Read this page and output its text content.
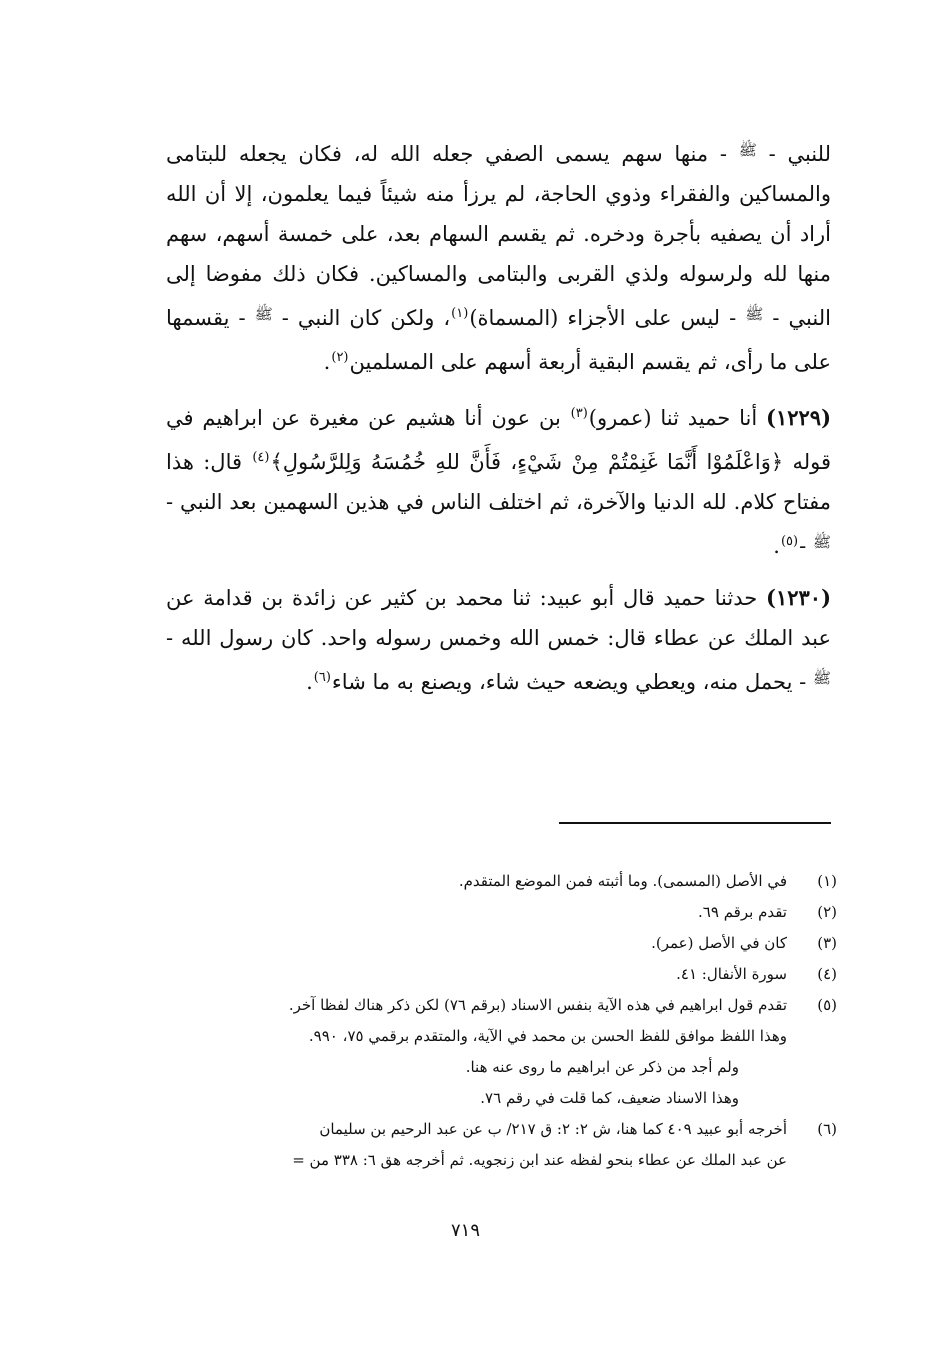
للنبي - $^ﷺ$ - منها سهم يسمى الصفي جعله الله له، فكان يجعله للبتامى والمساكين والفقراء وذوي الحاجة، لم يرزأ منه شيئاً فيما يعلمون، إلا أن الله أراد أن يصفيه بأجرة ودخره. ثم يقسم السهام بعد، على خمسة أسهم، سهم منها لله ولرسوله ولذي القربى والبتامى والمساكين. فكان ذلك مفوضا إلى النبي - $^ﷺ$ - ليس على الأجزاء (المسماة)$^{(١)}$، ولكن كان النبي - $^ﷺ$ - يقسمها على ما رأى، ثم يقسم البقية أربعة أسهم على المسلمين$^{(٢)}$.

(١٢٢٩) أنا حميد ثنا (عمرو)$^{(٣)}$ بن عون أنا هشيم عن مغيرة عن ابراهيم في قوله ﴿وَاعْلَمُوْا أَنَّمَا غَنِمْتُمْ مِنْ شَيْءٍ، فَأَنَّ للهِ خُمُسَهُ وَلِلرَّسُولِ﴾$^{(٤)}$ قال: هذا مفتاح كلام. لله الدنيا والآخرة، ثم اختلف الناس في هذين السهمين بعد النبي - $^ﷺ$ -$^{(٥)}$.

(١٢٣٠) حدثنا حميد قال أبو عبيد: ثنا محمد بن كثير عن زائدة بن قدامة عن عبد الملك عن عطاء قال: خمس الله وخمس رسوله واحد. كان رسول الله - $^ﷺ$ - يحمل منه، ويعطي ويضعه حيث شاء، ويصنع به ما شاء$^{(٦)}$.

(١)
في الأصل (المسمى). وما أثبته فمن الموضع المتقدم.
(٢)
تقدم برقم ٦٩.
(٣)
كان في الأصل (عمر).
(٤)
سورة الأنفال: ٤١.
(٥)
تقدم قول ابراهيم في هذه الآية بنفس الاسناد (برقم ٧٦) لكن ذكر هناك لفظا آخر.
وهذا اللفظ موافق للفظ الحسن بن محمد في الآية، والمتقدم برقمي ٧٥، ٩٩٠.
ولم أجد من ذكر عن ابراهيم ما روى عنه هنا.
وهذا الاسناد ضعيف، كما قلت في رقم ٧٦.
(٦)
أخرجه أبو عبيد ٤٠٩ كما هنا، ش ٢: ٢: ق ٢١٧/ ب عن عبد الرحيم بن سليمان
عن عبد الملك عن عطاء بنحو لفظه عند ابن زنجويه. ثم أخرجه هق ٦: ٣٣٨ من =
٧١٩
